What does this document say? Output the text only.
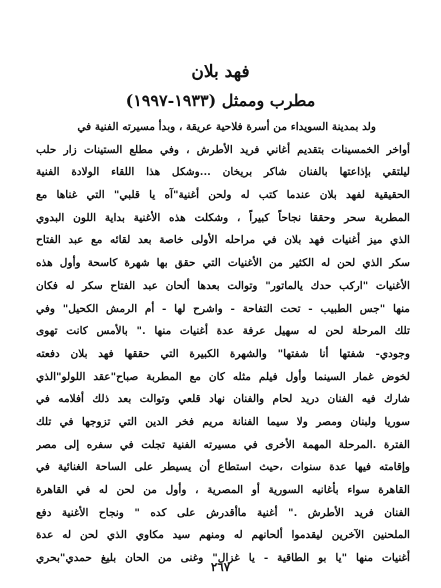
فهد بلان
مطرب وممثل (١٩٣٣-١٩٩٧)
ولد بمدينة السويداء من أسرة فلاحية عريقة ، وبدأ مسيرته الفنية في
أواخر الخمسينات بتقديم أغاني فريد الأطرش ، وفي مطلع الستينات زار حلب
ليلتقي بإذاعتها بالفنان شاكر بريخان ...وشكل هذا اللقاء الولادة الفنية
الحقيقية لفهد بلان عندما كتب له ولحن أغنية"آه يا قلبي" التي غناها مع
المطربة سحر وحققا نجاحاً كبيراً ، وشكلت هذه الأغنية بداية اللون البدوي
الذي ميز أغنيات فهد بلان في مراحله الأولى خاصة بعد لقائه مع عبد الفتاح
سكر الذي لحن له الكثير من الأغنيات التي حقق بها شهرة كاسحة وأول هذه
الأغنيات "اركب حدك يالماتور" وتوالت بعدها ألحان عبد الفتاح سكر له فكان
منها "جس الطبيب - تحت التفاحة - واشرح لها - أم الرمش الكحيل" وفي
تلك المرحلة لحن له سهيل عرفة عدة أغنيات منها ." بالأمس كانت تهوى
وجودي- شفتها أنا شفتها" والشهرة الكبيرة التي حققها فهد بلان دفعته
لخوض غمار السينما وأول فيلم مثله كان مع المطربة صباح"عقد اللولو"الذي
شارك فيه الفنان دريد لحام والفنان نهاد قلعي وتوالت بعد ذلك أفلامه في
سوريا ولبنان ومصر ولا سيما الفنانة مريم فخر الدين التي تزوجها في تلك
الفترة .المرحلة المهمة الأخرى في مسيرته الفنية تجلت في سفره إلى مصر
وإقامته فيها عدة سنوات ،حيث استطاع أن يسيطر على الساحة الغنائية في
القاهرة سواء بأغانيه السورية أو المصرية ، وأول من لحن له في القاهرة
الفنان فريد الأطرش ." أغنية ماأقدرش على كده " ونجاح الأغنية دفع
الملحنين الآخرين ليقدموا ألحانهم له ومنهم سيد مكاوي الذي لحن له عدة
أغنيات منها "يا بو الطاقية - يا غزال" وغنى من الحان بليغ حمدي"بحري
٢٦٧
